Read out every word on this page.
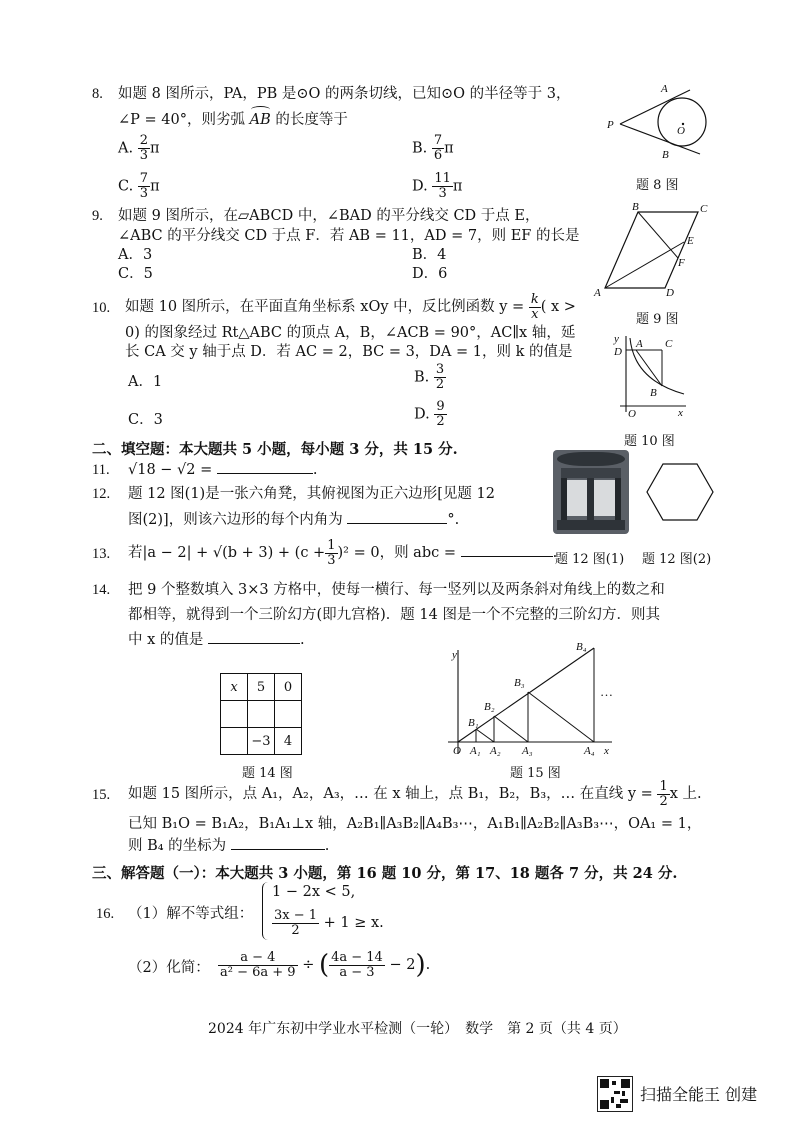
8. 如题 8 图所示，PA，PB 是⊙O 的两条切线，已知⊙O 的半径等于 3，
∠P = 40°，则劣弧 AB 的长度等于
A. $\frac{2}{3}$ π	B. $\frac{7}{6}$ π
C. $\frac{7}{3}$ π	D. $\frac{11}{3}$ π
A
B
P	O
题 8 图
9. 如题 9 图所示，在▱ABCD 中，∠BAD 的平分线交 CD 于点 E，
∠ABC 的平分线交 CD 于点 F．若 AB = 11，AD = 7，则 EF 的长是
A．3	B．4
C．5	D．6
B	C
E
F
A	D
题 9 图
10. 如题 10 图所示，在平面直角坐标系 xOy 中，反比例函数 $y = \frac{k}{x}$ ( x >
0) 的图象经过 Rt△ABC 的顶点 A，B，∠ACB = 90°，AC∥x 轴，延
长 CA 交 y 轴于点 D．若 AC = 2，BC = 3，DA = 1，则 k 的值是
A．1	B. $\frac{3}{2}$
C．3	D. $\frac{9}{2}$
y
D
A C
B
O	x
题 10 图
二、填空题：本大题共 5 小题，每小题 3 分，共 15 分.
11. √18 − √2 =	.
12. 题 12 图(1)是一张六角凳，其俯视图为正六边形[见题 12
图(2)]，则该六边形的每个内角为	°.
题 12 图(1) 题 12 图(2)
13. 若$|a - 2| + √(b + 3) + (c + \frac{1}{3} )^2 = 0$，则 abc =	.
14. 把 9 个整数填入 3×3 方格中，使每一横行、每一竖列以及两条斜对角线上的数之和
都相等，就得到一个三阶幻方(即九宫格)．题 14 图是一个不完整的三阶幻方．则其
中 x 的值是	.
x	5	0

	−3	4
题 14 图
y
O	x
B₁
B₂
B₃
B₄
A₁ A₂ A₃	A₄
…
题 15 图
15. 如题 15 图所示，点 A₁，A₂，A₃，… 在 x 轴上，点 B₁，B₂，B₃，… 在直线 $y = \frac{1}{2}$ x 上.
已知 B₁O = B₁A₂，B₁A₁⊥x 轴，A₂B₁∥A₃B₂∥A₄B₃⋯，A₁B₁∥A₂B₂∥A₃B₃⋯，OA₁ = 1，
则 B₄ 的坐标为	.
三、解答题（一）：本大题共 3 小题，第 16 题 10 分，第 17、18 题各 7 分，共 24 分.
16. （1）解不等式组：
1 − 2x < 5,
$\frac{3x - 1}{2} + 1 \ge x$.
（2）化简： $\frac{a - 4}{\text{a² − 6a + 9}}$ ÷ ( $\frac{4a - 14}{a - 3} - 2$).
2024 年广东初中学业水平检测（一轮）　数学　第 2 页（共 4 页）
扫描全能王 创建
